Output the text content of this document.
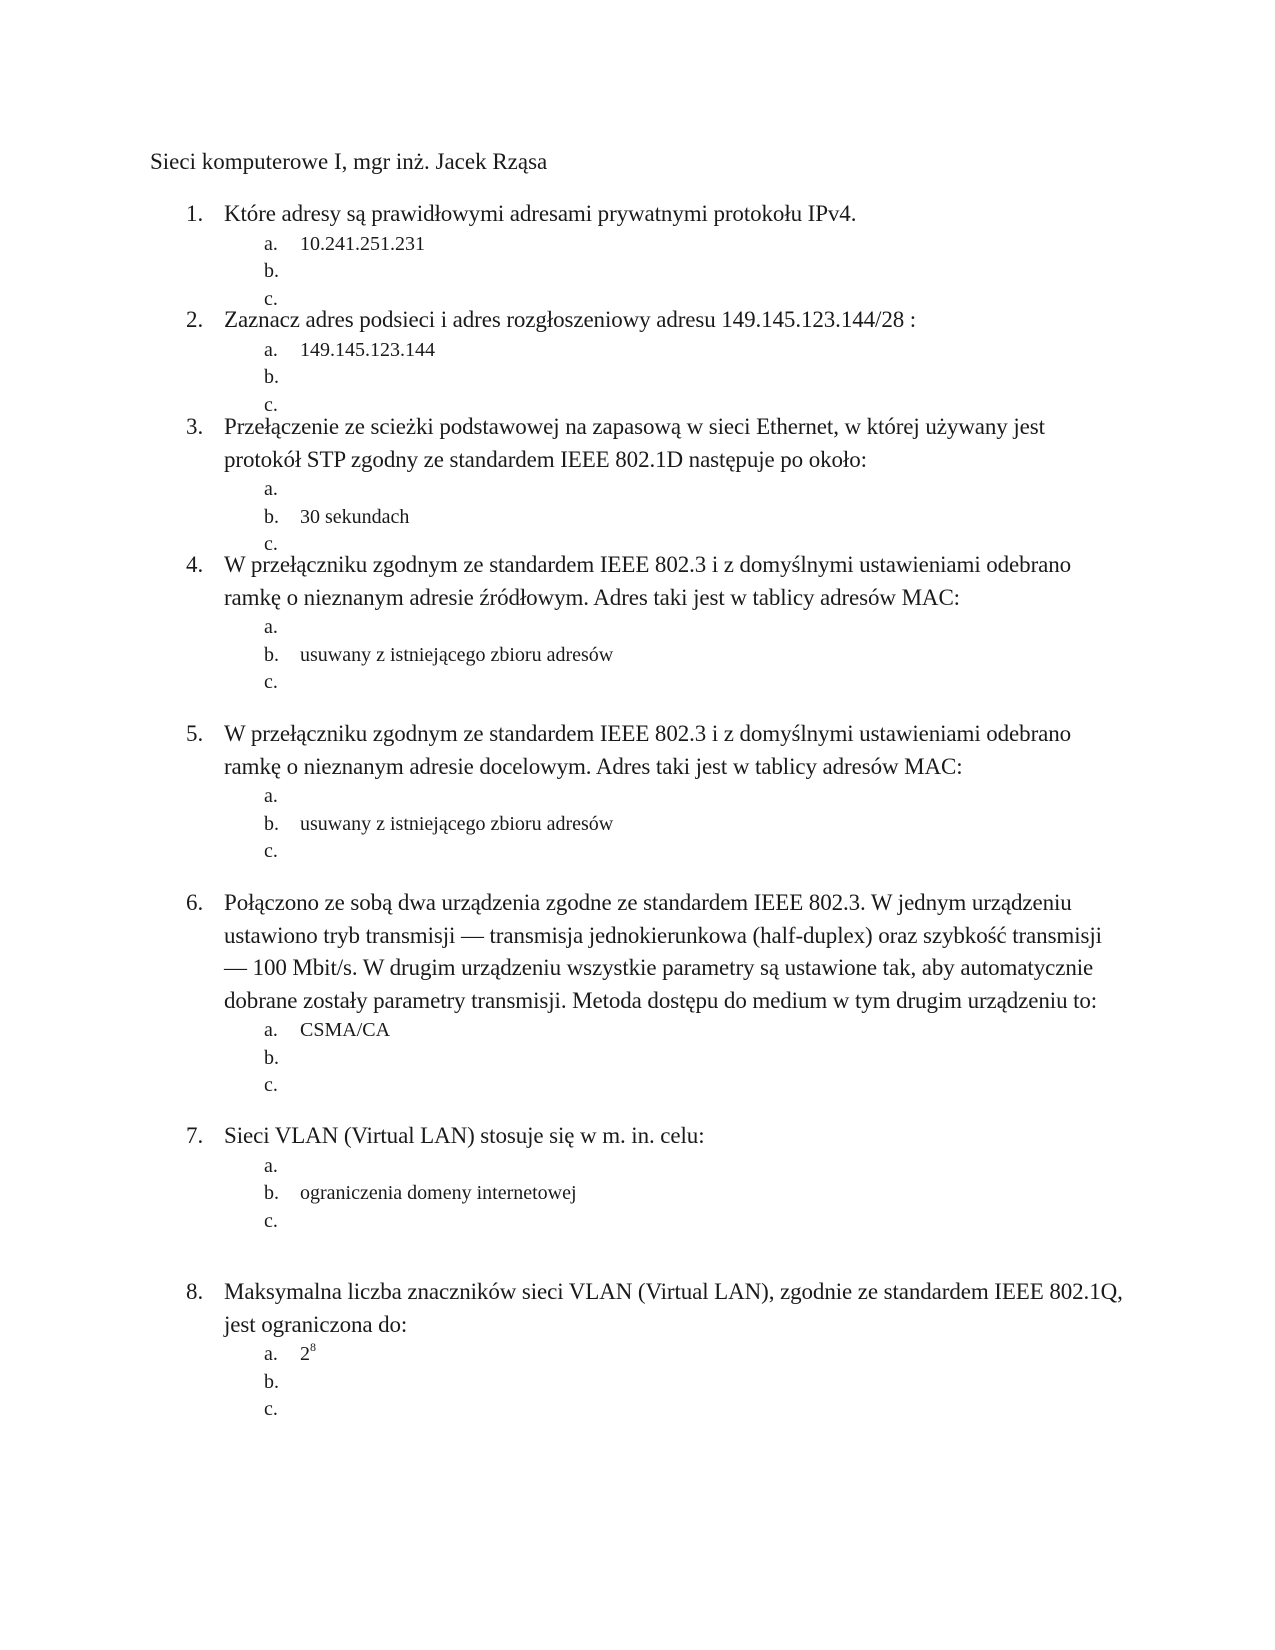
Sieci komputerowe I, mgr inż. Jacek Rząsa
1. Które adresy są prawidłowymi adresami prywatnymi protokołu IPv4.
a.	10.241.251.231
b.
c.
2. Zaznacz adres podsieci i adres rozgłoszeniowy adresu 149.145.123.144/28 :
a.	149.145.123.144
b.
c.
3. Przełączenie ze scieżki podstawowej na zapasową w sieci Ethernet, w której używany jest protokół STP zgodny ze standardem IEEE 802.1D następuje po około:
a.
b.	30 sekundach
c.
4. W przełączniku zgodnym ze standardem IEEE 802.3 i z domyślnymi ustawieniami odebrano ramkę o nieznanym adresie źródłowym. Adres taki jest w tablicy adresów MAC:
a.
b.	usuwany z istniejącego zbioru adresów
c.
5. W przełączniku zgodnym ze standardem IEEE 802.3 i z domyślnymi ustawieniami odebrano ramkę o nieznanym adresie docelowym. Adres taki jest w tablicy adresów MAC:
a.
b.	usuwany z istniejącego zbioru adresów
c.
6. Połączono ze sobą dwa urządzenia zgodne ze standardem IEEE 802.3. W jednym urządzeniu ustawiono tryb transmisji — transmisja jednokierunkowa (half-duplex) oraz szybkość transmisji — 100 Mbit/s. W drugim urządzeniu wszystkie parametry są ustawione tak, aby automatycznie dobrane zostały parametry transmisji. Metoda dostępu do medium w tym drugim urządzeniu to:
a.	CSMA/CA
b.
c.
7. Sieci VLAN (Virtual LAN) stosuje się w m. in. celu:
a.
b.	ograniczenia domeny internetowej
c.
8. Maksymalna liczba znaczników sieci VLAN (Virtual LAN), zgodnie ze standardem IEEE 802.1Q, jest ograniczona do:
a.	$2^8$
b.
c.
